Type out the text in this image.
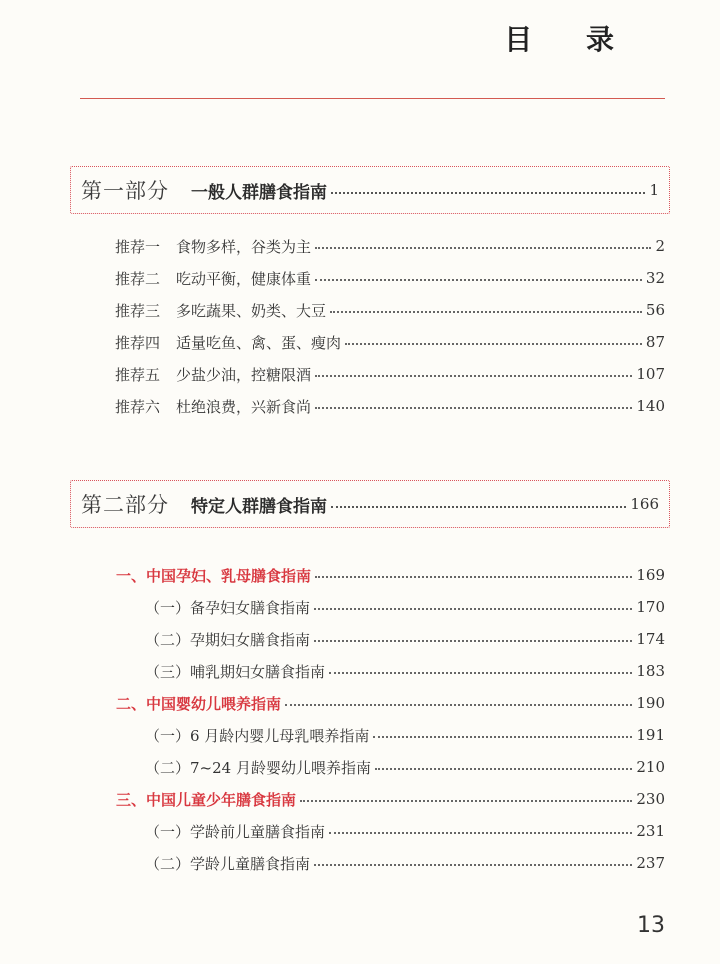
目 录
第一部分 一般人群膳食指南	1
推荐一 食物多样，谷类为主	2
推荐二 吃动平衡，健康体重	32
推荐三 多吃蔬果、奶类、大豆	56
推荐四 适量吃鱼、禽、蛋、瘦肉	87
推荐五 少盐少油，控糖限酒	107
推荐六 杜绝浪费，兴新食尚	140
第二部分 特定人群膳食指南	166
一、中国孕妇、乳母膳食指南	169
（一）备孕妇女膳食指南	170
（二）孕期妇女膳食指南	174
（三）哺乳期妇女膳食指南	183
二、中国婴幼儿喂养指南	190
（一）6 月龄内婴儿母乳喂养指南	191
（二）7~24 月龄婴幼儿喂养指南	210
三、中国儿童少年膳食指南	230
（一）学龄前儿童膳食指南	231
（二）学龄儿童膳食指南	237
13
